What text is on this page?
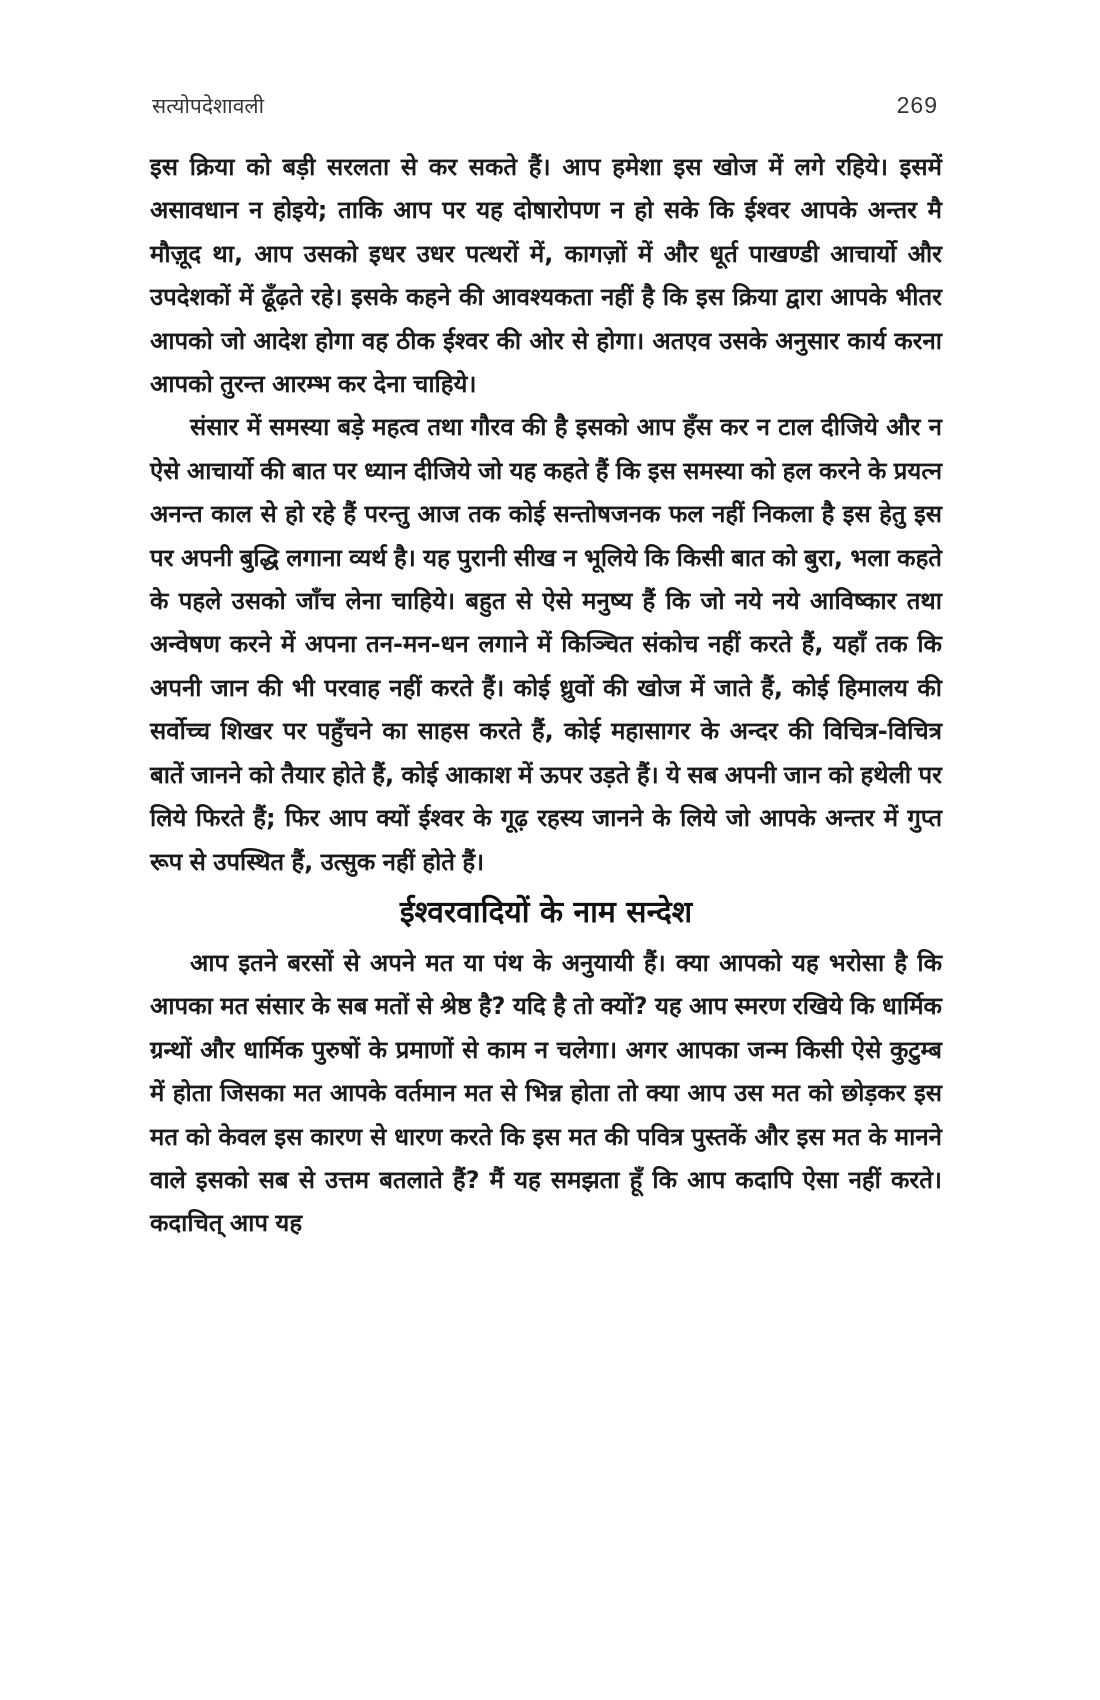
सत्योपदेशावली	269

इस क्रिया को बड़ी सरलता से कर सकते हैं। आप हमेशा इस खोज में लगे रहिये। इसमें असावधान न होइये; ताकि आप पर यह दोषारोपण न हो सके कि ईश्वर आपके अन्तर मै मौज़ूद था, आप उसको इधर उधर पत्थरों में, कागज़ों में और धूर्त पाखण्डी आचार्यो और उपदेशकों में ढूँढ़ते रहे। इसके कहने की आवश्यकता नहीं है कि इस क्रिया द्वारा आपके भीतर आपको जो आदेश होगा वह ठीक ईश्वर की ओर से होगा। अतएव उसके अनुसार कार्य करना आपको तुरन्त आरम्भ कर देना चाहिये।

संसार में समस्या बड़े महत्व तथा गौरव की है इसको आप हँस कर न टाल दीजिये और न ऐसे आचार्यो की बात पर ध्यान दीजिये जो यह कहते हैं कि इस समस्या को हल करने के प्रयत्न अनन्त काल से हो रहे हैं परन्तु आज तक कोई सन्तोषजनक फल नहीं निकला है इस हेतु इस पर अपनी बुद्धि लगाना व्यर्थ है। यह पुरानी सीख न भूलिये कि किसी बात को बुरा, भला कहते के पहले उसको जाँच लेना चाहिये। बहुत से ऐसे मनुष्य हैं कि जो नये नये आविष्कार तथा अन्वेषण करने में अपना तन-मन-धन लगाने में किञ्चित संकोच नहीं करते हैं, यहाँ तक कि अपनी जान की भी परवाह नहीं करते हैं। कोई ध्रुवों की खोज में जाते हैं, कोई हिमालय की सर्वोच्च शिखर पर पहुँचने का साहस करते हैं, कोई महासागर के अन्दर की विचित्र-विचित्र बातें जानने को तैयार होते हैं, कोई आकाश में ऊपर उड़ते हैं। ये सब अपनी जान को हथेली पर लिये फिरते हैं; फिर आप क्यों ईश्वर के गूढ़ रहस्य जानने के लिये जो आपके अन्तर में गुप्त रूप से उपस्थित हैं, उत्सुक नहीं होते हैं।

ईश्वरवादियों के नाम सन्देश

आप इतने बरसों से अपने मत या पंथ के अनुयायी हैं। क्या आपको यह भरोसा है कि आपका मत संसार के सब मतों से श्रेष्ठ है? यदि है तो क्यों? यह आप स्मरण रखिये कि धार्मिक ग्रन्थों और धार्मिक पुरुषों के प्रमाणों से काम न चलेगा। अगर आपका जन्म किसी ऐसे कुटुम्ब में होता जिसका मत आपके वर्तमान मत से भिन्न होता तो क्या आप उस मत को छोड़कर इस मत को केवल इस कारण से धारण करते कि इस मत की पवित्र पुस्तकें और इस मत के मानने वाले इसको सब से उत्तम बतलाते हैं? मैं यह समझता हूँ कि आप कदापि ऐसा नहीं करते। कदाचित् आप यह
